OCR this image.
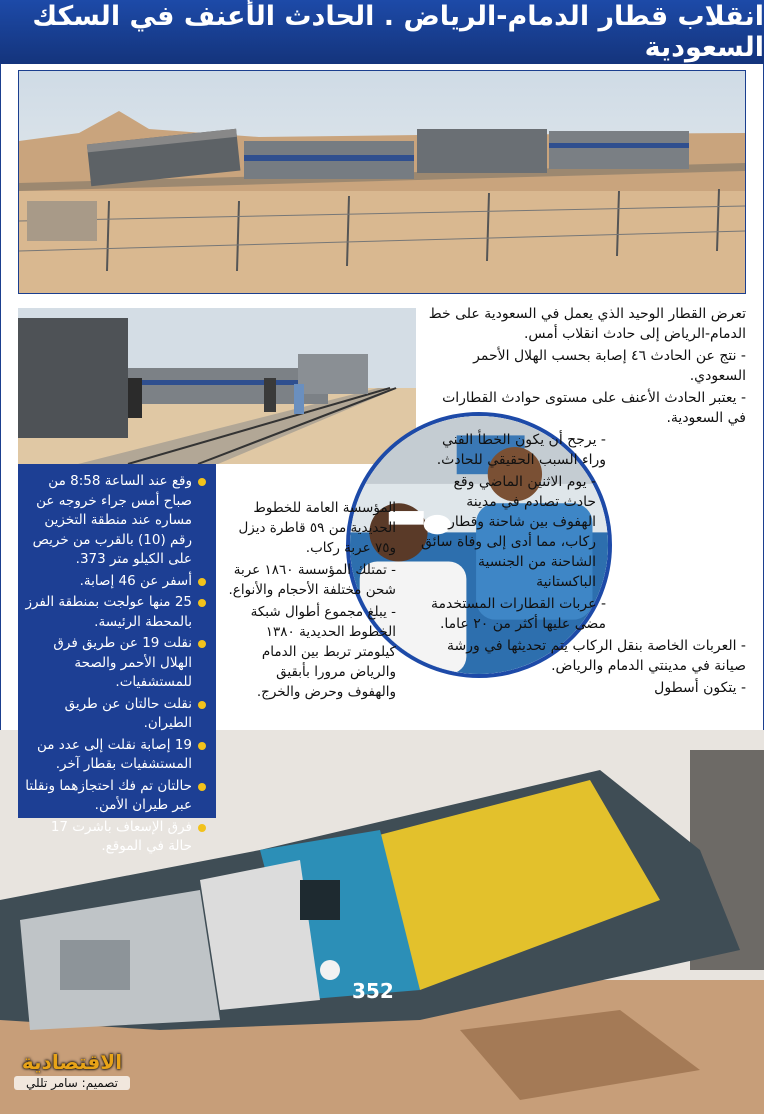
انقلاب قطار الدمام-الرياض . الحادث الأعنف في السكك السعودية
352

تعرض القطار الوحيد الذي يعمل في السعودية على خط الدمام-الرياض إلى حادث انقلاب أمس.

- نتج عن الحادث ٤٦ إصابة بحسب الهلال الأحمر السعودي.

- يعتبر الحادث الأعنف على مستوى حوادث القطارات في السعودية.

- يرجح أن يكون الخطأ الفني وراء السبب الحقيقي للحادث.

- يوم الاثنين الماضي وقع حادث تصادم في مدينة الهفوف بين شاحنة وقطار ركاب، مما أدى إلى وفاة سائق الشاحنة من الجنسية الباكستانية

- عربات القطارات المستخدمة مضى عليها أكثر من ٢٠ عاما.

- العربات الخاصة بنقل الركاب يتم تحديثها في ورشة صيانة في مدينتي الدمام والرياض.

- يتكون أسطول

المؤسسة العامة للخطوط الحديدية من ٥٩ قاطرة ديزل و٧٥ عربة ركاب.

- تمتلك المؤسسة ١٨٦٠ عربة شحن مختلفة الأحجام والأنواع.

- يبلغ مجموع أطوال شبكة الخطوط الحديدية ١٣٨٠ كيلومتر تربط بين الدمام والرياض مرورا بأبقيق والهفوف وحرض والخرج.

وقع عند الساعة 8:58 من صباح أمس جراء خروجه عن مساره عند منطقة التخزين رقم (10) بالقرب من خريص على الكيلو متر 373.
أسفر عن 46 إصابة.
25 منها عولجت بمنطقة الفرز بالمحطة الرئيسة.
نقلت 19 عن طريق فرق الهلال الأحمر والصحة للمستشفيات.
نقلت حالتان عن طريق الطيران.
19 إصابة نقلت إلى عدد من المستشفيات بقطار آخر.
حالتان تم فك احتجازهما ونقلتا عبر طيران الأمن.
فرق الإسعاف باشرت 17 حالة في الموقع.
الاقتصادية
تصميم: سامر تللي
